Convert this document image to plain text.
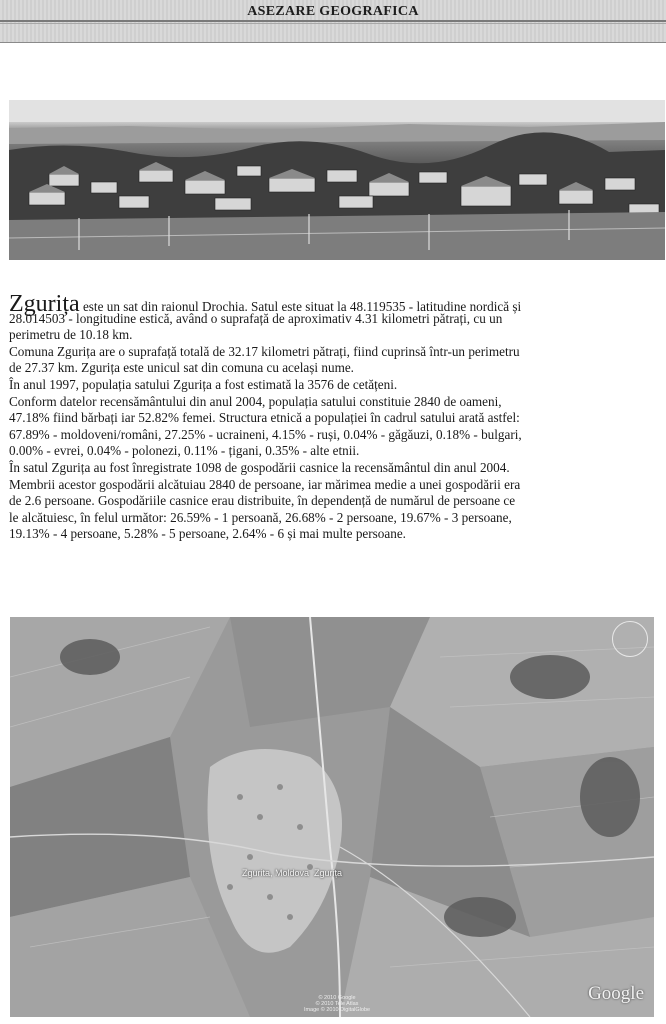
ASEZARE GEOGRAFICA
Zgurița este un sat din raionul Drochia. Satul este situat la 48.119535 - latitudine nordică și
28.014503 - longitudine estică, având o suprafață de aproximativ 4.31 kilometri pătrați, cu un
perimetru de 10.18 km.
Comuna Zgurița are o suprafață totală de 32.17 kilometri pătrați, fiind cuprinsă într-un perimetru
de 27.37 km. Zgurița este unicul sat din comuna cu același nume.
În anul 1997, populația satului Zgurița a fost estimată la 3576 de cetățeni.
Conform datelor recensământului din anul 2004, populația satului constituie 2840 de oameni,
47.18% fiind bărbați iar 52.82% femei. Structura etnică a populației în cadrul satului arată astfel:
67.89% - moldoveni/români, 27.25% - ucraineni, 4.15% - ruși, 0.04% - găgăuzi, 0.18% - bulgari,
0.00% - evrei, 0.04% - polonezi, 0.11% - țigani, 0.35% - alte etnii.
În satul Zgurița au fost înregistrate 1098 de gospodării casnice la recensământul din anul 2004.
Membrii acestor gospodării alcătuiau 2840 de persoane, iar mărimea medie a unei gospodării era
de 2.6 persoane. Gospodăriile casnice erau distribuite, în dependență de numărul de persoane ce
le alcătuiesc, în felul următor: 26.59% - 1 persoană, 26.68% - 2 persoane, 19.67% - 3 persoane,
19.13% - 4 persoane, 5.28% - 5 persoane, 2.64% - 6 și mai multe persoane.
Zgurita, Moldova Zgurița
© 2010 Google
© 2010 Tele Atlas
Image © 2010 DigitalGlobe
Google
